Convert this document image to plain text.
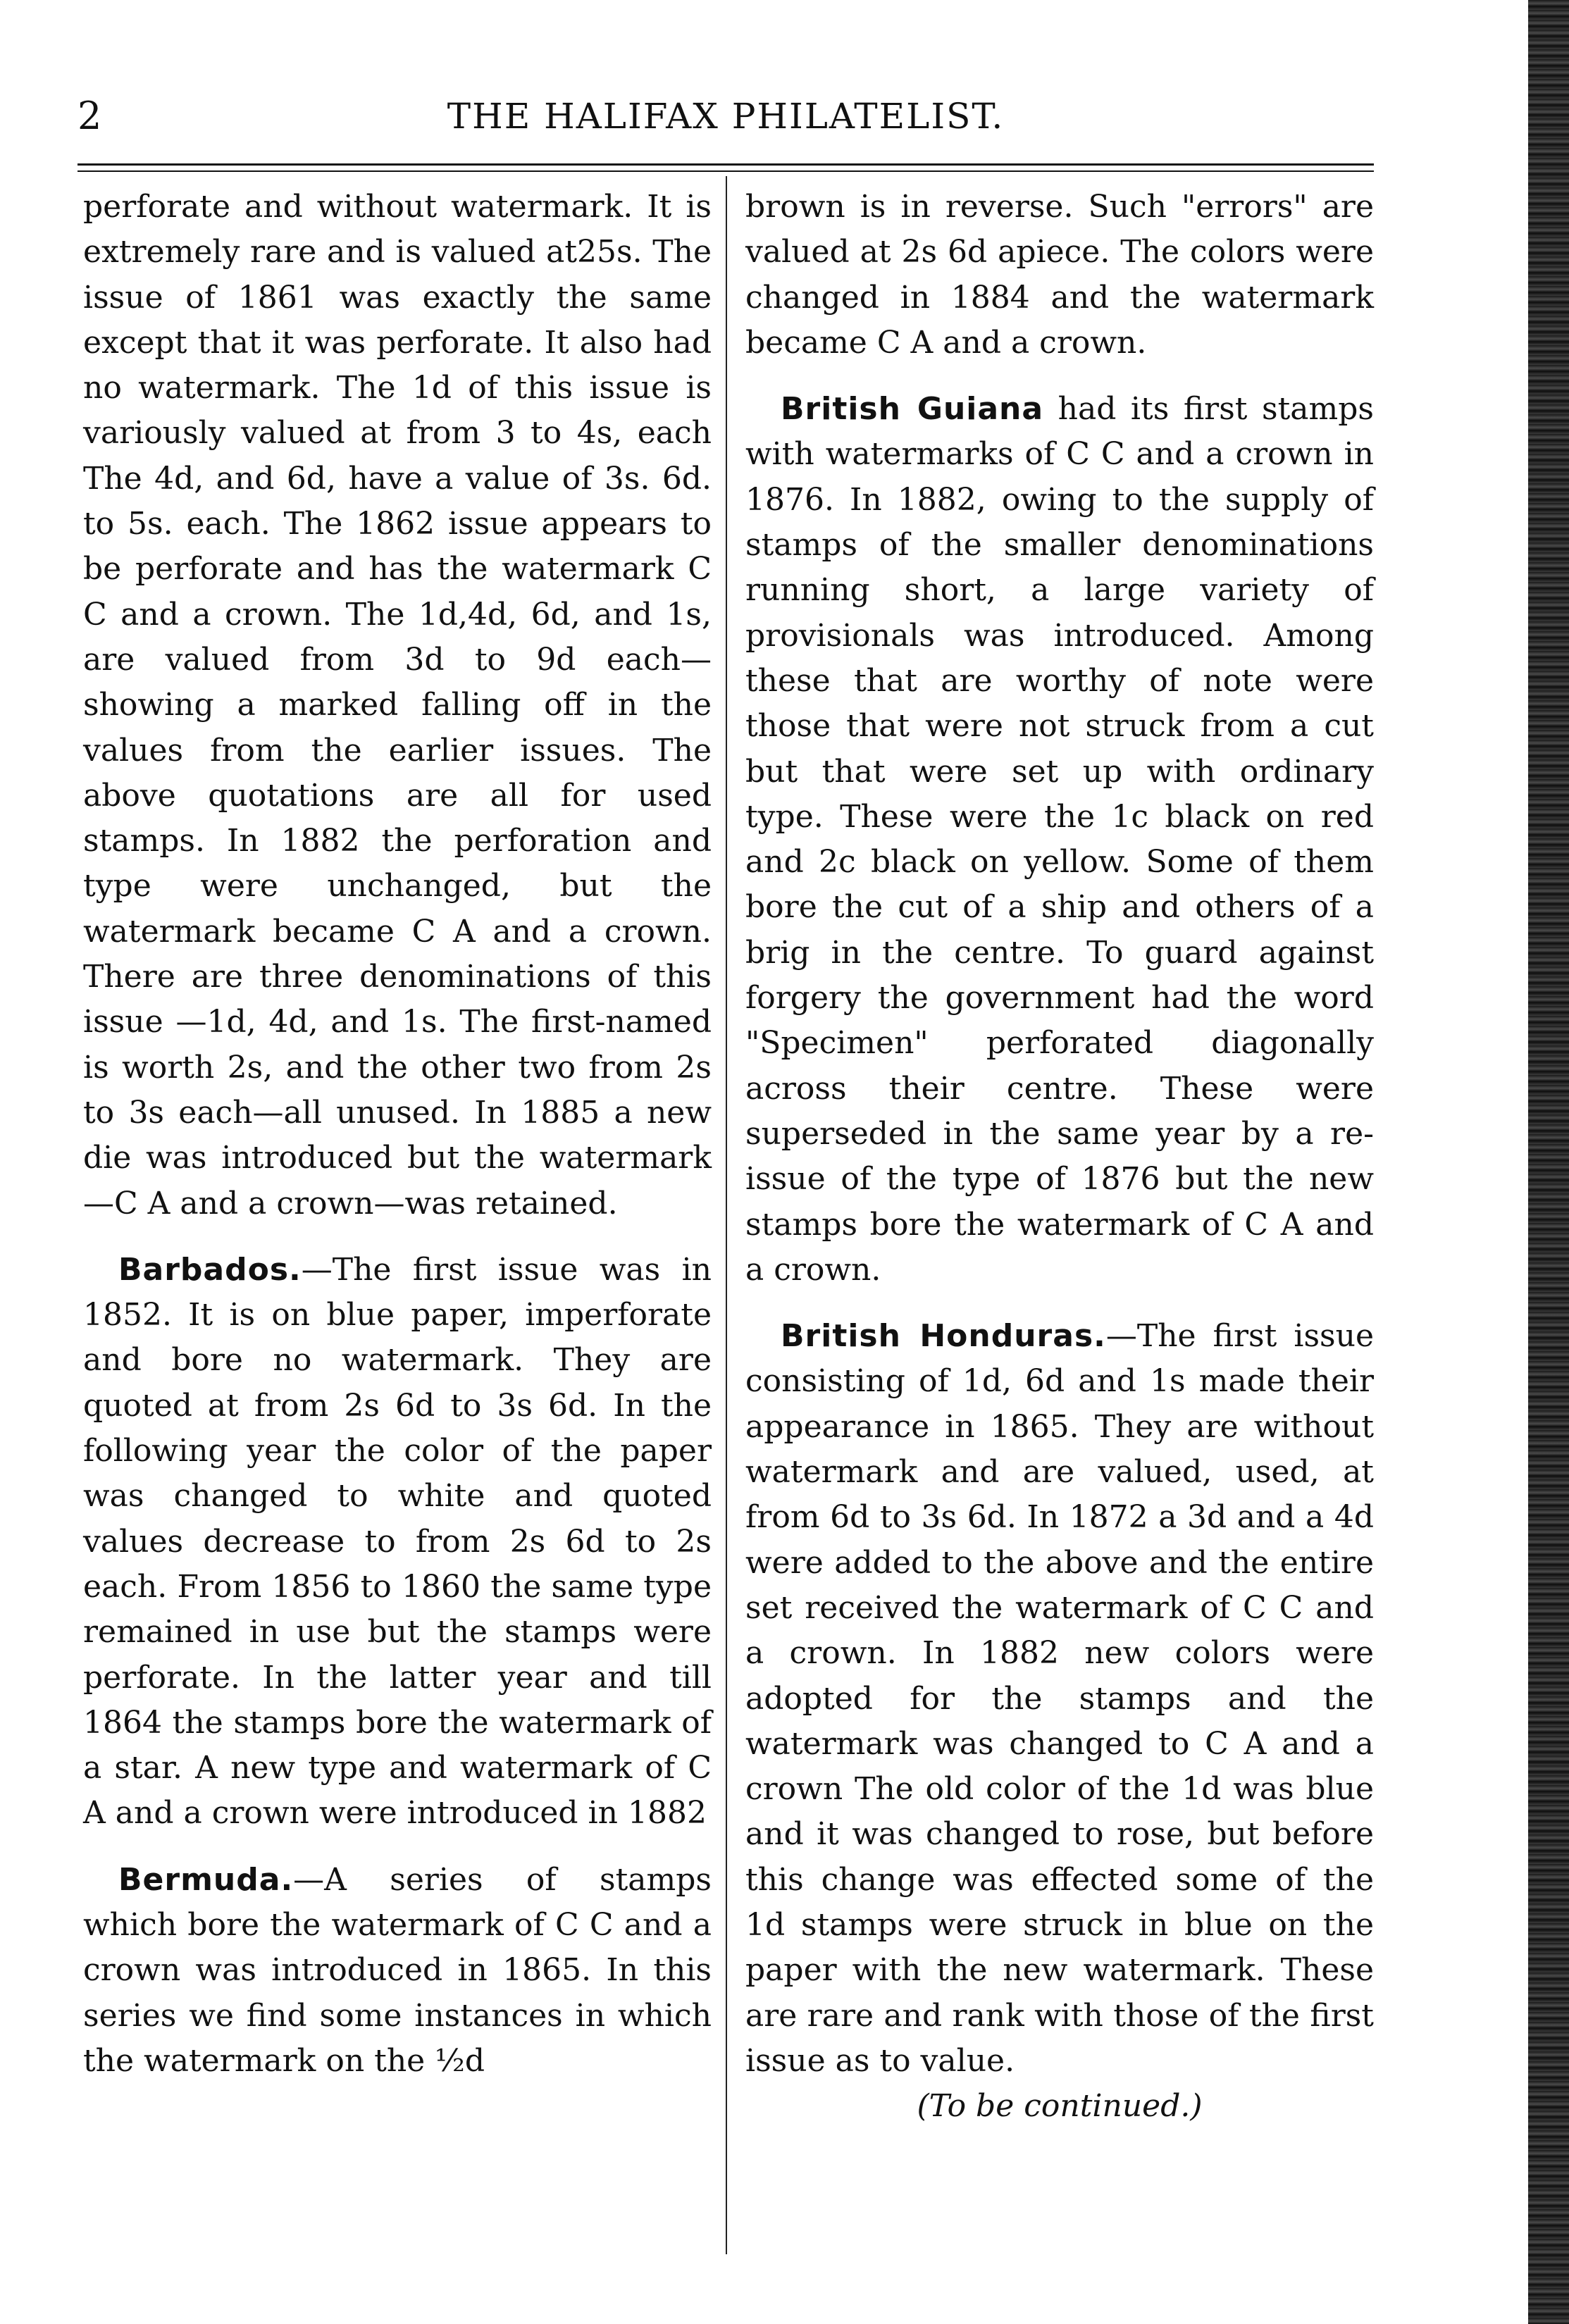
2	THE HALIFAX PHILATELIST.

perforate and without watermark. It is extremely rare and is valued at25s. The issue of 1861 was exactly the same except that it was perforate. It also had no watermark. The 1d of this issue is variously valued at from 3 to 4s, each The 4d, and 6d, have a value of 3s. 6d. to 5s. each. The 1862 issue appears to be perforate and has the watermark C C and a crown. The 1d,4d, 6d, and 1s, are valued from 3d to 9d each—showing a marked falling off in the values from the earlier issues. The above quotations are all for used stamps. In 1882 the perforation and type were unchanged, but the watermark became C A and a crown. There are three denominations of this issue —1d, 4d, and 1s. The first-named is worth 2s, and the other two from 2s to 3s each—all unused. In 1885 a new die was introduced but the watermark—C A and a crown—was retained.

Barbados.—The first issue was in 1852. It is on blue paper, imperforate and bore no watermark. They are quoted at from 2s 6d to 3s 6d. In the following year the color of the paper was changed to white and quoted values decrease to from 2s 6d to 2s each. From 1856 to 1860 the same type remained in use but the stamps were perforate. In the latter year and till 1864 the stamps bore the watermark of a star. A new type and watermark of C A and a crown were introduced in 1882

Bermuda.—A series of stamps which bore the watermark of C C and a crown was introduced in 1865. In this series we find some instances in which the watermark on the ½d

brown is in reverse. Such "errors" are valued at 2s 6d apiece. The colors were changed in 1884 and the watermark became C A and a crown.

British Guiana had its first stamps with watermarks of C C and a crown in 1876. In 1882, owing to the supply of stamps of the smaller denominations running short, a large variety of provisionals was introduced. Among these that are worthy of note were those that were not struck from a cut but that were set up with ordinary type. These were the 1c black on red and 2c black on yellow. Some of them bore the cut of a ship and others of a brig in the centre. To guard against forgery the government had the word "Specimen" perforated diagonally across their centre. These were superseded in the same year by a re-issue of the type of 1876 but the new stamps bore the watermark of C A and a crown.

British Honduras.—The first issue consisting of 1d, 6d and 1s made their appearance in 1865. They are without watermark and are valued, used, at from 6d to 3s 6d. In 1872 a 3d and a 4d were added to the above and the entire set received the watermark of C C and a crown. In 1882 new colors were adopted for the stamps and the watermark was changed to C A and a crown The old color of the 1d was blue and it was changed to rose, but before this change was effected some of the 1d stamps were struck in blue on the paper with the new watermark. These are rare and rank with those of the first issue as to value.

(To be continued.)
